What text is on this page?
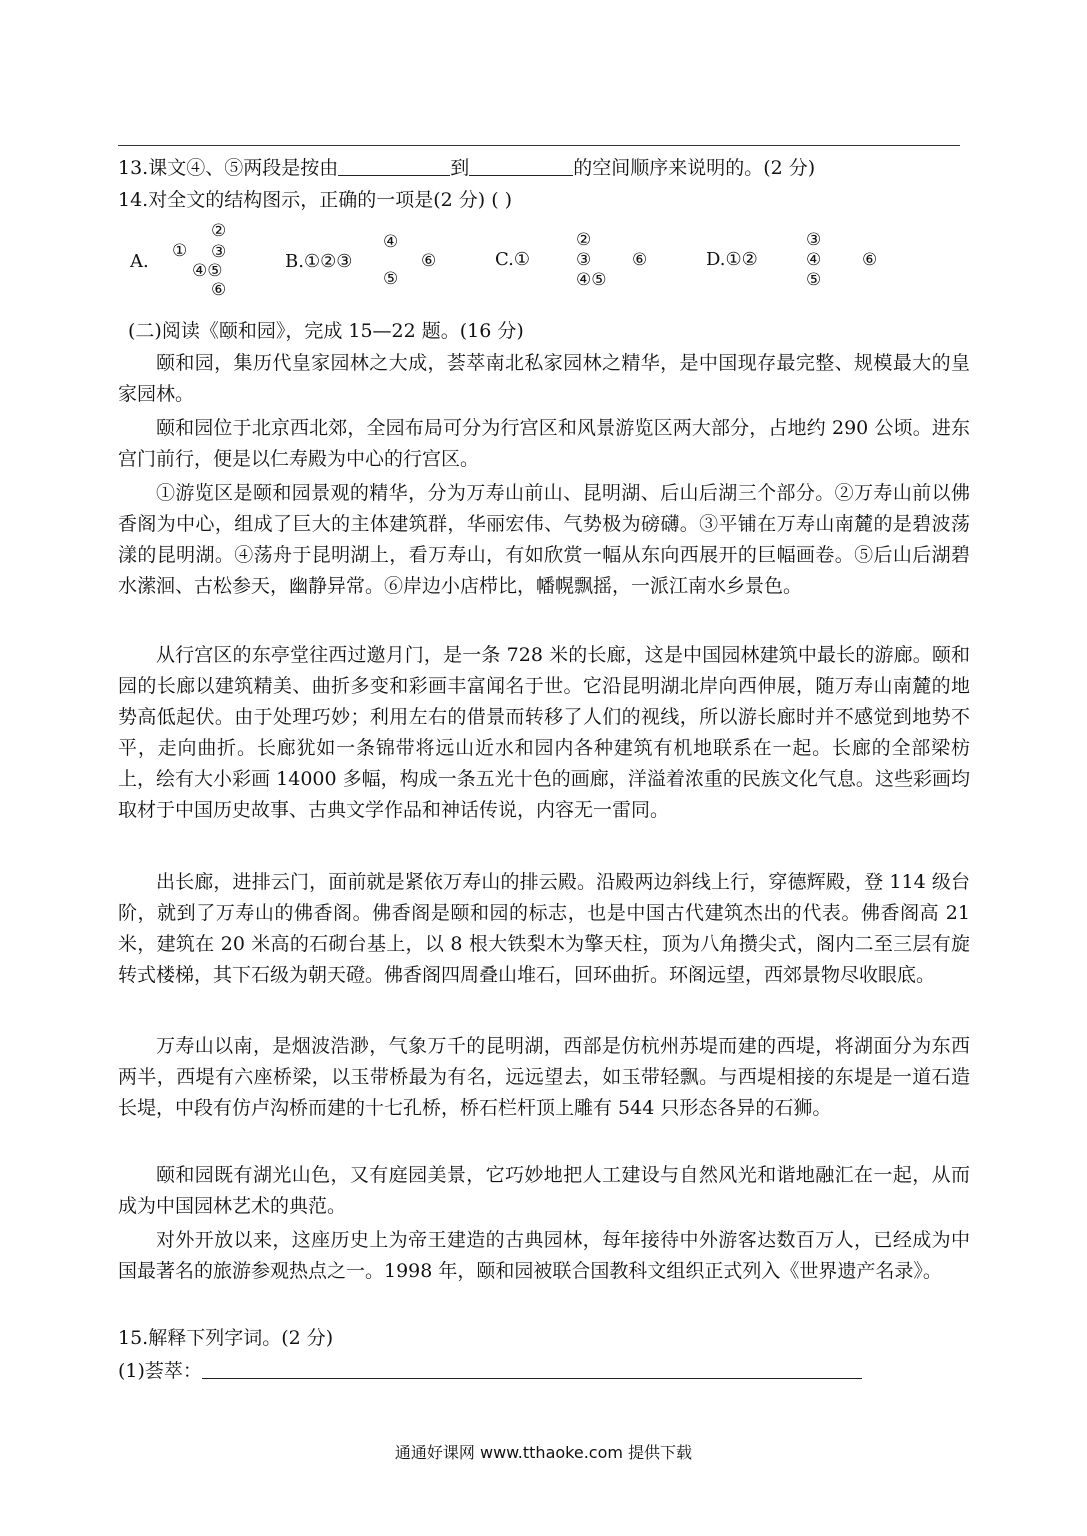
13.课文④、⑤两段是按由	到	的空间顺序来说明的。(2 分)
14.对全文的结构图示，正确的一项是(2 分) ( )
A. ①
②
③
④⑤
⑥
B.①②③
④
⑤
⑥	C.①
②
③
④⑤
⑥	D.①②
③
④
⑤
⑥
(二)阅读《颐和园》，完成 15—22 题。(16 分)
颐和园，集历代皇家园林之大成，荟萃南北私家园林之精华，是中国现存最完整、规模最大的皇家园林。
颐和园位于北京西北郊，全园布局可分为行宫区和风景游览区两大部分，占地约 290 公顷。进东宫门前行，便是以仁寿殿为中心的行宫区。
①游览区是颐和园景观的精华，分为万寿山前山、昆明湖、后山后湖三个部分。②万寿山前以佛香阁为中心，组成了巨大的主体建筑群，华丽宏伟、气势极为磅礴。③平铺在万寿山南麓的是碧波荡漾的昆明湖。④荡舟于昆明湖上，看万寿山，有如欣赏一幅从东向西展开的巨幅画卷。⑤后山后湖碧水潆洄、古松参天，幽静异常。⑥岸边小店栉比，幡幌飘摇，一派江南水乡景色。
从行宫区的东亭堂往西过邀月门，是一条 728 米的长廊，这是中国园林建筑中最长的游廊。颐和园的长廊以建筑精美、曲折多变和彩画丰富闻名于世。它沿昆明湖北岸向西伸展，随万寿山南麓的地势高低起伏。由于处理巧妙；利用左右的借景而转移了人们的视线，所以游长廊时并不感觉到地势不平，走向曲折。长廊犹如一条锦带将远山近水和园内各种建筑有机地联系在一起。长廊的全部梁枋上，绘有大小彩画 14000 多幅，构成一条五光十色的画廊，洋溢着浓重的民族文化气息。这些彩画均取材于中国历史故事、古典文学作品和神话传说，内容无一雷同。
出长廊，进排云门，面前就是紧依万寿山的排云殿。沿殿两边斜线上行，穿德辉殿，登 114 级台阶，就到了万寿山的佛香阁。佛香阁是颐和园的标志，也是中国古代建筑杰出的代表。佛香阁高 21 米，建筑在 20 米高的石砌台基上，以 8 根大铁梨木为擎天柱，顶为八角攒尖式，阁内二至三层有旋转式楼梯，其下石级为朝天磴。佛香阁四周叠山堆石，回环曲折。环阁远望，西郊景物尽收眼底。
万寿山以南，是烟波浩渺，气象万千的昆明湖，西部是仿杭州苏堤而建的西堤，将湖面分为东西两半，西堤有六座桥梁，以玉带桥最为有名，远远望去，如玉带轻飘。与西堤相接的东堤是一道石造长堤，中段有仿卢沟桥而建的十七孔桥，桥石栏杆顶上雕有 544 只形态各异的石狮。
颐和园既有湖光山色，又有庭园美景，它巧妙地把人工建设与自然风光和谐地融汇在一起，从而成为中国园林艺术的典范。
对外开放以来，这座历史上为帝王建造的古典园林，每年接待中外游客达数百万人，已经成为中国最著名的旅游参观热点之一。1998 年，颐和园被联合国教科文组织正式列入《世界遗产名录》。
15.解释下列字词。(2 分)
(1)荟萃：
通通好课网 www.tthaoke.com 提供下载
